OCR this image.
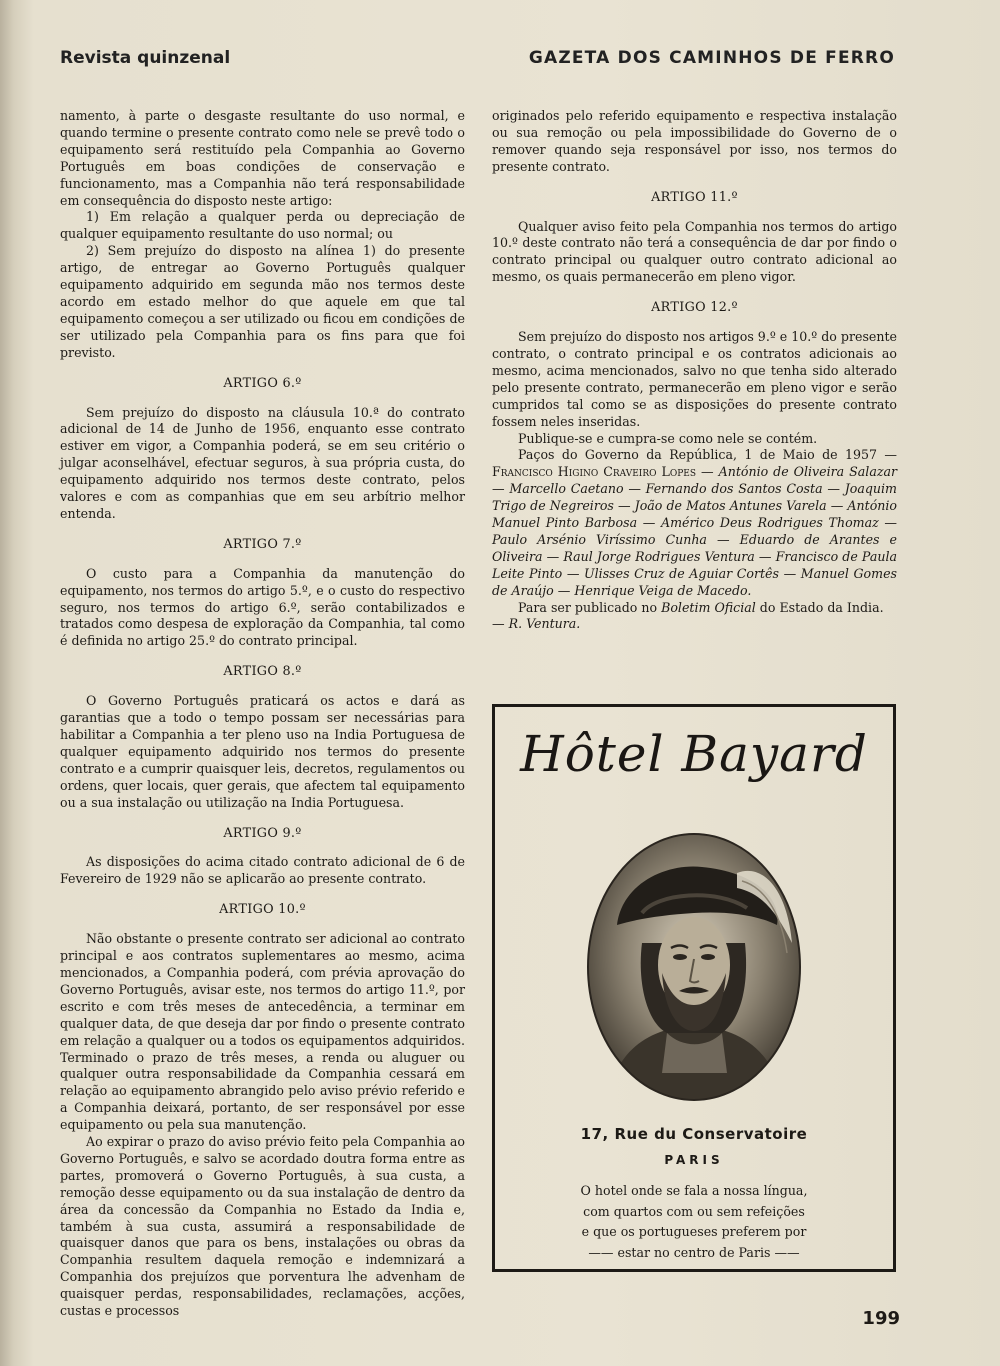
Revista quinzenal	GAZETA DOS CAMINHOS DE FERRO

namento, à parte o desgaste resultante do uso normal, e quando termine o presente contrato como nele se prevê todo o equipamento será restituído pela Companhia ao Governo Português em boas condições de conservação e funcionamento, mas a Companhia não terá responsabilidade em consequência do disposto neste artigo:

1) Em relação a qualquer perda ou depreciação de qualquer equipamento resultante do uso normal; ou

2) Sem prejuízo do disposto na alínea 1) do presente artigo, de entregar ao Governo Português qualquer equipamento adquirido em segunda mão nos termos deste acordo em estado melhor do que aquele em que tal equipamento começou a ser utilizado ou ficou em condições de ser utilizado pela Companhia para os fins para que foi previsto.

ARTIGO 6.º

Sem prejuízo do disposto na cláusula 10.ª do contrato adicional de 14 de Junho de 1956, enquanto esse contrato estiver em vigor, a Companhia poderá, se em seu critério o julgar aconselhável, efectuar seguros, à sua própria custa, do equipamento adquirido nos termos deste contrato, pelos valores e com as companhias que em seu arbítrio melhor entenda.

ARTIGO 7.º

O custo para a Companhia da manutenção do equipamento, nos termos do artigo 5.º, e o custo do respectivo seguro, nos termos do artigo 6.º, serão contabilizados e tratados como despesa de exploração da Companhia, tal como é definida no artigo 25.º do contrato principal.

ARTIGO 8.º

O Governo Português praticará os actos e dará as garantias que a todo o tempo possam ser necessárias para habilitar a Companhia a ter pleno uso na India Portuguesa de qualquer equipamento adquirido nos termos do presente contrato e a cumprir quaisquer leis, decretos, regulamentos ou ordens, quer locais, quer gerais, que afectem tal equipamento ou a sua instalação ou utilização na India Portuguesa.

ARTIGO 9.º

As disposições do acima citado contrato adicional de 6 de Fevereiro de 1929 não se aplicarão ao presente contrato.

ARTIGO 10.º

Não obstante o presente contrato ser adicional ao contrato principal e aos contratos suplementares ao mesmo, acima mencionados, a Companhia poderá, com prévia aprovação do Governo Português, avisar este, nos termos do artigo 11.º, por escrito e com três meses de antecedência, a terminar em qualquer data, de que deseja dar por findo o presente contrato em relação a qualquer ou a todos os equipamentos adquiridos. Terminado o prazo de três meses, a renda ou aluguer ou qualquer outra responsabilidade da Companhia cessará em relação ao equipamento abrangido pelo aviso prévio referido e a Companhia deixará, portanto, de ser responsável por esse equipamento ou pela sua manutenção.

Ao expirar o prazo do aviso prévio feito pela Companhia ao Governo Português, e salvo se acordado doutra forma entre as partes, promoverá o Governo Português, à sua custa, a remoção desse equipamento ou da sua instalação de dentro da área da concessão da Companhia no Estado da India e, também à sua custa, assumirá a responsabilidade de quaisquer danos que para os bens, instalações ou obras da Companhia resultem daquela remoção e indemnizará a Companhia dos prejuízos que porventura lhe advenham de quaisquer perdas, responsabilidades, reclamações, acções, custas e processos

originados pelo referido equipamento e respectiva instalação ou sua remoção ou pela impossibilidade do Governo de o remover quando seja responsável por isso, nos termos do presente contrato.

ARTIGO 11.º

Qualquer aviso feito pela Companhia nos termos do artigo 10.º deste contrato não terá a consequência de dar por findo o contrato principal ou qualquer outro contrato adicional ao mesmo, os quais permanecerão em pleno vigor.

ARTIGO 12.º

Sem prejuízo do disposto nos artigos 9.º e 10.º do presente contrato, o contrato principal e os contratos adicionais ao mesmo, acima mencionados, salvo no que tenha sido alterado pelo presente contrato, permanecerão em pleno vigor e serão cumpridos tal como se as disposições do presente contrato fossem neles inseridas.

Publique-se e cumpra-se como nele se contém.

Paços do Governo da República, 1 de Maio de 1957 — Francisco Higino Craveiro Lopes — António de Oliveira Salazar — Marcello Caetano — Fernando dos Santos Costa — Joaquim Trigo de Negreiros — João de Matos Antunes Varela — António Manuel Pinto Barbosa — Américo Deus Rodrigues Thomaz — Paulo Arsénio Viríssimo Cunha — Eduardo de Arantes e Oliveira — Raul Jorge Rodrigues Ventura — Francisco de Paula Leite Pinto — Ulisses Cruz de Aguiar Cortês — Manuel Gomes de Araújo — Henrique Veiga de Macedo.

Para ser publicado no Boletim Oficial do Estado da India.

— R. Ventura.

Hôtel Bayard
17, Rue du Conservatoire
PARIS
O hotel onde se fala a nossa língua,
com quartos com ou sem refeições
e que os portugueses preferem por
—— estar no centro de Paris ——
199
